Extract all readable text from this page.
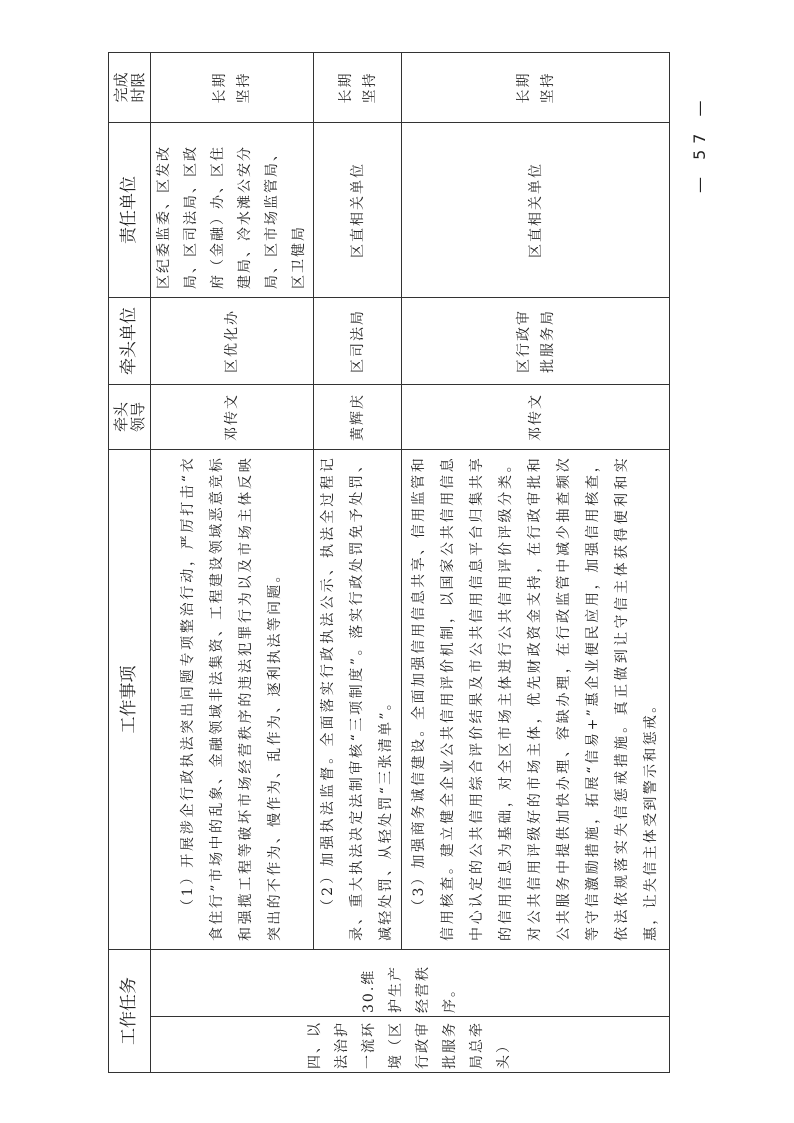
工作任务		工作事项	牵头领导	牵头单位	责任单位	完成时限

四、以法治护一流环境（区行政审批服务局总牵头）	30.维护生产经营秩序。	（1）开展涉企行政执法突出问题专项整治行动，严厉打击“衣食住行”市场中的乱象、金融领域非法集资、工程建设领域恶意竞标和强揽工程等破坏市场经营秩序的违法犯罪行为以及市场主体反映突出的不作为、慢作为、乱作为、逐利执法等问题。	邓传文	区优化办	区纪委监委、区发改局、区司法局、区政府（金融）办、区住建局、冷水滩公安分局、区市场监管局、区卫健局	长期坚持

		（2）加强执法监督。全面落实行政执法公示、执法全过程记录、重大执法决定法制审核“三项制度”。落实行政处罚免予处罚、减轻处罚、从轻处罚“三张清单”。	黄辉庆	区司法局	区直相关单位	长期坚持

		（3）加强商务诚信建设。全面加强信用信息共享、信用监管和信用核查。建立健全企业公共信用评价机制，以国家公共信用信息中心认定的公共信用综合评价结果及市公共信用信息平台归集共享的信用信息为基础，对全区市场主体进行公共信用评价评级分类。对公共信用评级好的市场主体，优先财政资金支持，在行政审批和公共服务中提供加快办理、容缺办理，在行政监管中减少抽查频次等守信激励措施，拓展“信易+”惠企业便民应用，加强信用核查，依法依规落实失信惩戒措施。真正做到让守信主体获得便利和实惠，让失信主体受到警示和惩戒。	邓传文	区行政审批服务局	区直相关单位	长期坚持
— 57 —
